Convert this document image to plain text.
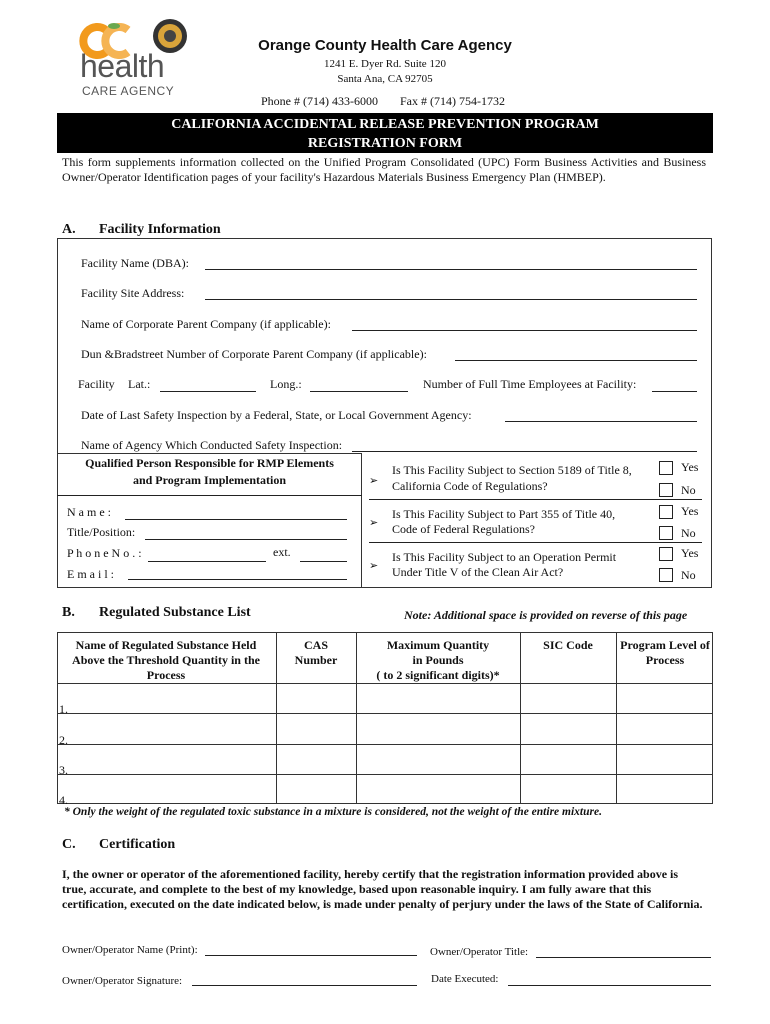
health
CARE AGENCY
Orange County Health Care Agency
1241 E. Dyer Rd. Suite 120
Santa Ana, CA 92705
Phone # (714) 433-6000 Fax # (714) 754-1732
CALIFORNIA ACCIDENTAL RELEASE PREVENTION PROGRAM
REGISTRATION FORM
This form supplements information collected on the Unified Program Consolidated (UPC) Form Business Activities and Business Owner/Operator Identification pages of your facility's Hazardous Materials Business Emergency Plan (HMBEP).
A. Facility Information
Facility Name (DBA):
Facility Site Address:
Name of Corporate Parent Company (if applicable):
Dun &Bradstreet Number of Corporate Parent Company (if applicable):
Facility Lat.:	Long.:	Number of Full Time Employees at Facility:
Date of Last Safety Inspection by a Federal, State, or Local Government Agency:
Name of Agency Which Conducted Safety Inspection:
Qualified Person Responsible for RMP Elements
and Program Implementation
N a m e :
Title/Position:
P h o n e N o . :	ext.
E m a i l :
➢
Is This Facility Subject to Section 5189 of Title 8,
California Code of Regulations?
Yes
No
➢
Is This Facility Subject to Part 355 of Title 40,
Code of Federal Regulations?
Yes
No
➢
Is This Facility Subject to an Operation Permit
Under Title V of the Clean Air Act?
Yes
No
B. Regulated Substance List	Note: Additional space is provided on reverse of this page
Name of Regulated Substance Held Above the Threshold Quantity in the Process
CAS Number
Maximum Quantity
in Pounds
( to 2 significant digits)*
SIC Code	Program Level of Process
1.
2.
3.
4.
* Only the weight of the regulated toxic substance in a mixture is considered, not the weight of the entire mixture.
C. Certification
I, the owner or operator of the aforementioned facility, hereby certify that the registration information provided above is true, accurate, and complete to the best of my knowledge, based upon reasonable inquiry. I am fully aware that this certification, executed on the date indicated below, is made under penalty of perjury under the laws of the State of California.
Owner/Operator Name (Print):	Owner/Operator Title:
Owner/Operator Signature:	Date Executed:
